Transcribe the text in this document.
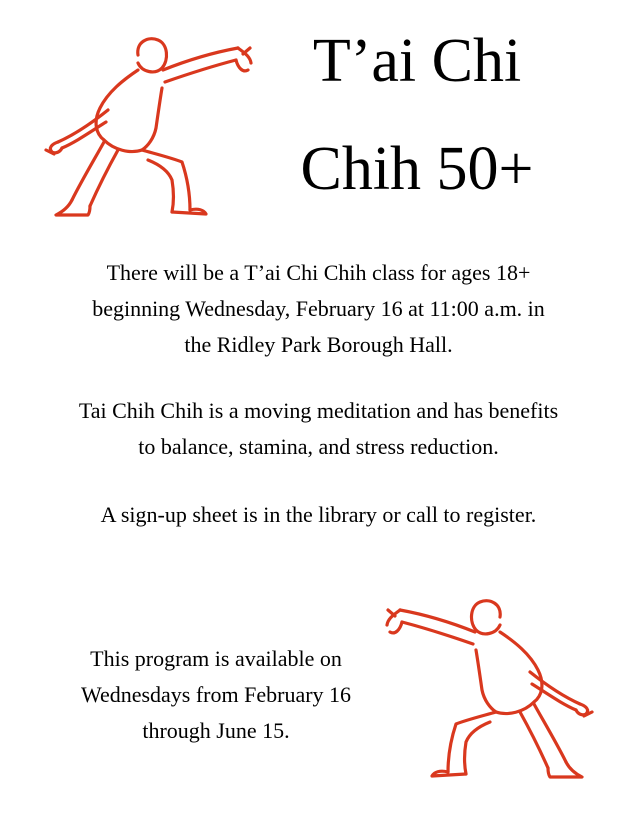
T’ai Chi
Chih 50+
There will be a T’ai Chi Chih class for ages 18+
beginning Wednesday, February 16 at 11:00 a.m. in
the Ridley Park Borough Hall.
Tai Chih Chih is a moving meditation and has benefits
to balance, stamina, and stress reduction.
A sign-up sheet is in the library or call to register.
This program is available on
Wednesdays from February 16
through June 15.
